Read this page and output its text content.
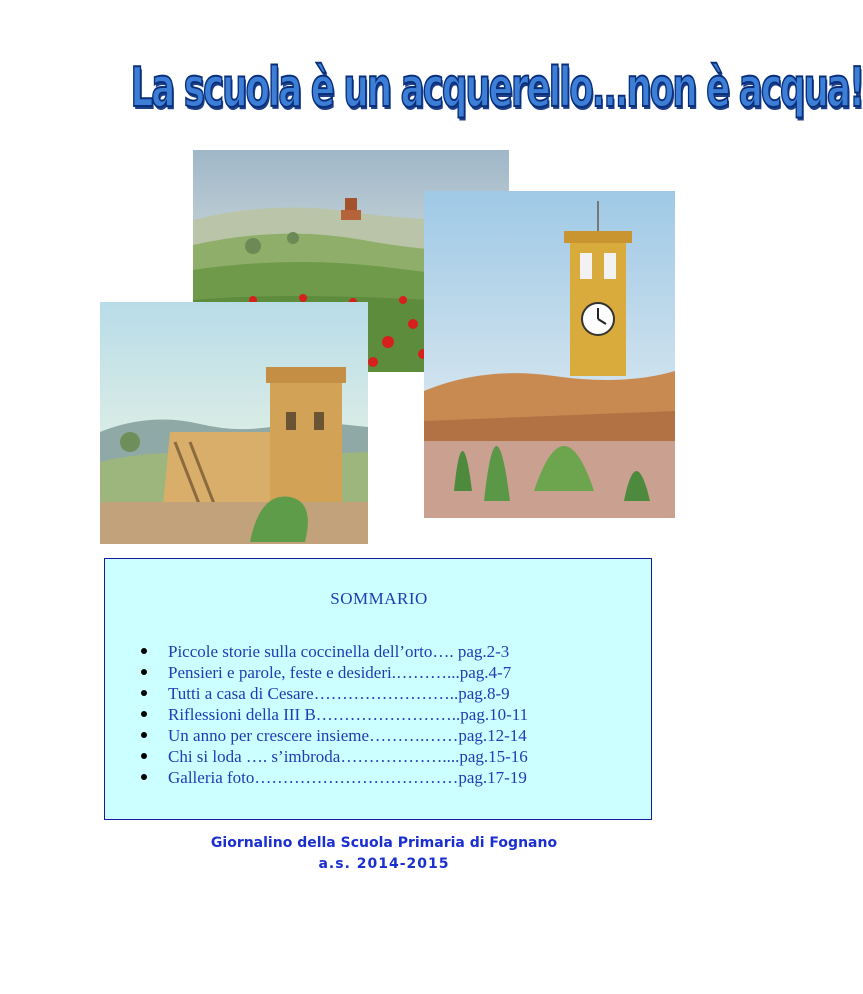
La scuola è un acquerello...non è acqua!
SOMMARIO
Piccole storie sulla coccinella dell’orto…. pag.2-3
Pensieri e parole, feste e desideri.………...pag.4-7
Tutti a casa di Cesare……………………..pag.8-9
Riflessioni della III B……………………..pag.10-11
Un anno per crescere insieme……….……pag.12-14
Chi si loda …. s’imbroda………………....pag.15-16
Galleria foto………………………………pag.17-19
Giornalino della Scuola Primaria di Fognano
a.s. 2014-2015
